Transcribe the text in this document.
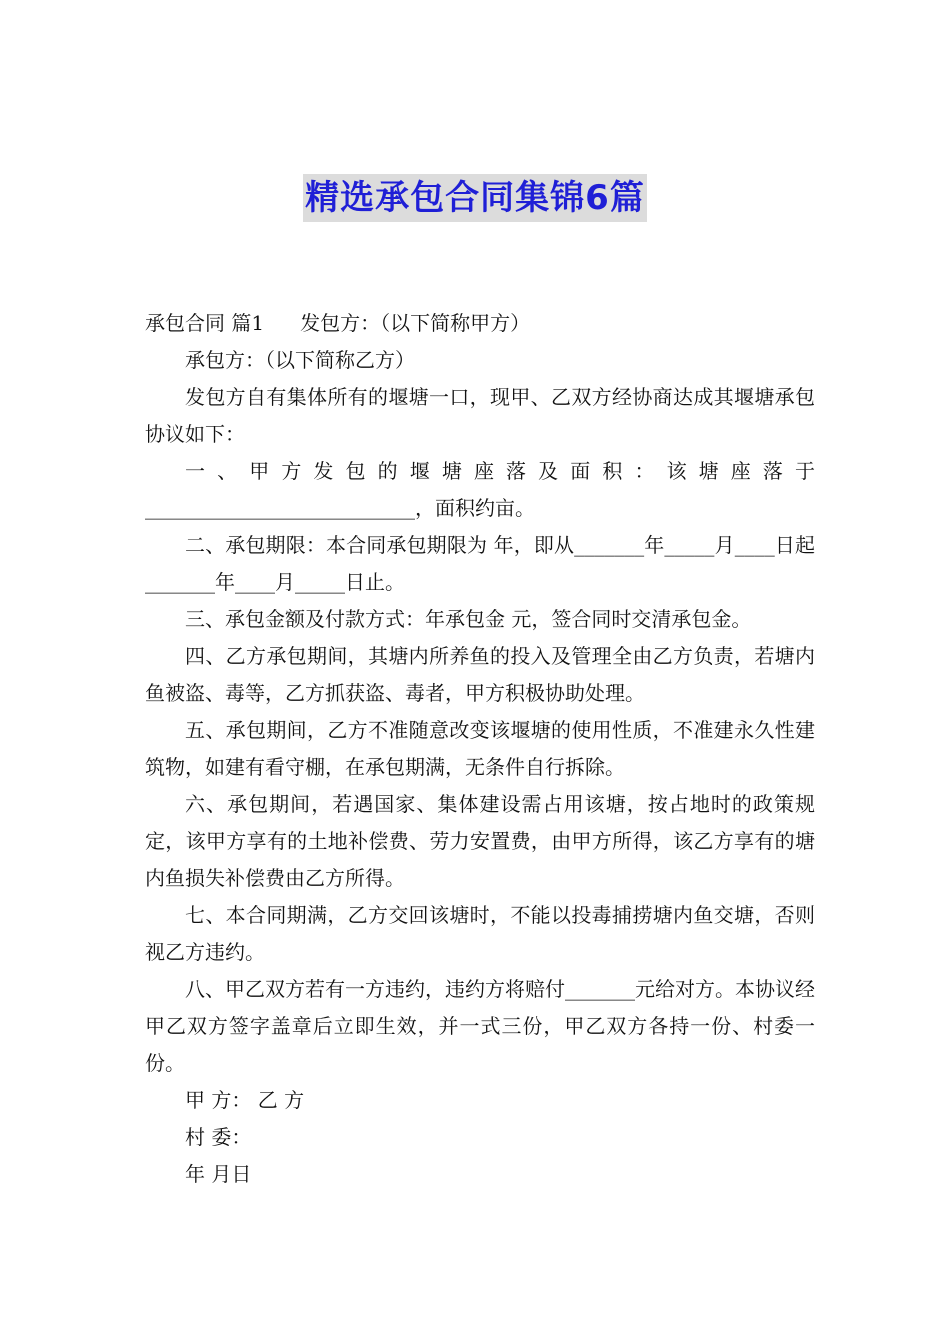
精选承包合同集锦6篇

承包合同 篇1 发包方：（以下简称甲方）

承包方：（以下简称乙方）

发包方自有集体所有的堰塘一口，现甲、乙双方经协商达成其堰塘承包协议如下：

一、甲方发包的堰塘座落及面积：该塘座落于 ___________________________，面积约亩。

二、承包期限：本合同承包期限为 年，即从_______年_____月____日起_______年____月_____日止。

三、承包金额及付款方式：年承包金 元，签合同时交清承包金。

四、乙方承包期间，其塘内所养鱼的投入及管理全由乙方负责，若塘内鱼被盗、毒等，乙方抓获盗、毒者，甲方积极协助处理。

五、承包期间，乙方不准随意改变该堰塘的使用性质，不准建永久性建筑物，如建有看守棚，在承包期满，无条件自行拆除。

六、承包期间，若遇国家、集体建设需占用该塘，按占地时的政策规定，该甲方享有的土地补偿费、劳力安置费，由甲方所得，该乙方享有的塘内鱼损失补偿费由乙方所得。

七、本合同期满，乙方交回该塘时，不能以投毒捕捞塘内鱼交塘，否则视乙方违约。

八、甲乙双方若有一方违约，违约方将赔付_______元给对方。本协议经甲乙双方签字盖章后立即生效，并一式三份，甲乙双方各持一份、村委一份。

甲 方： 乙 方

村 委：

年 月日
